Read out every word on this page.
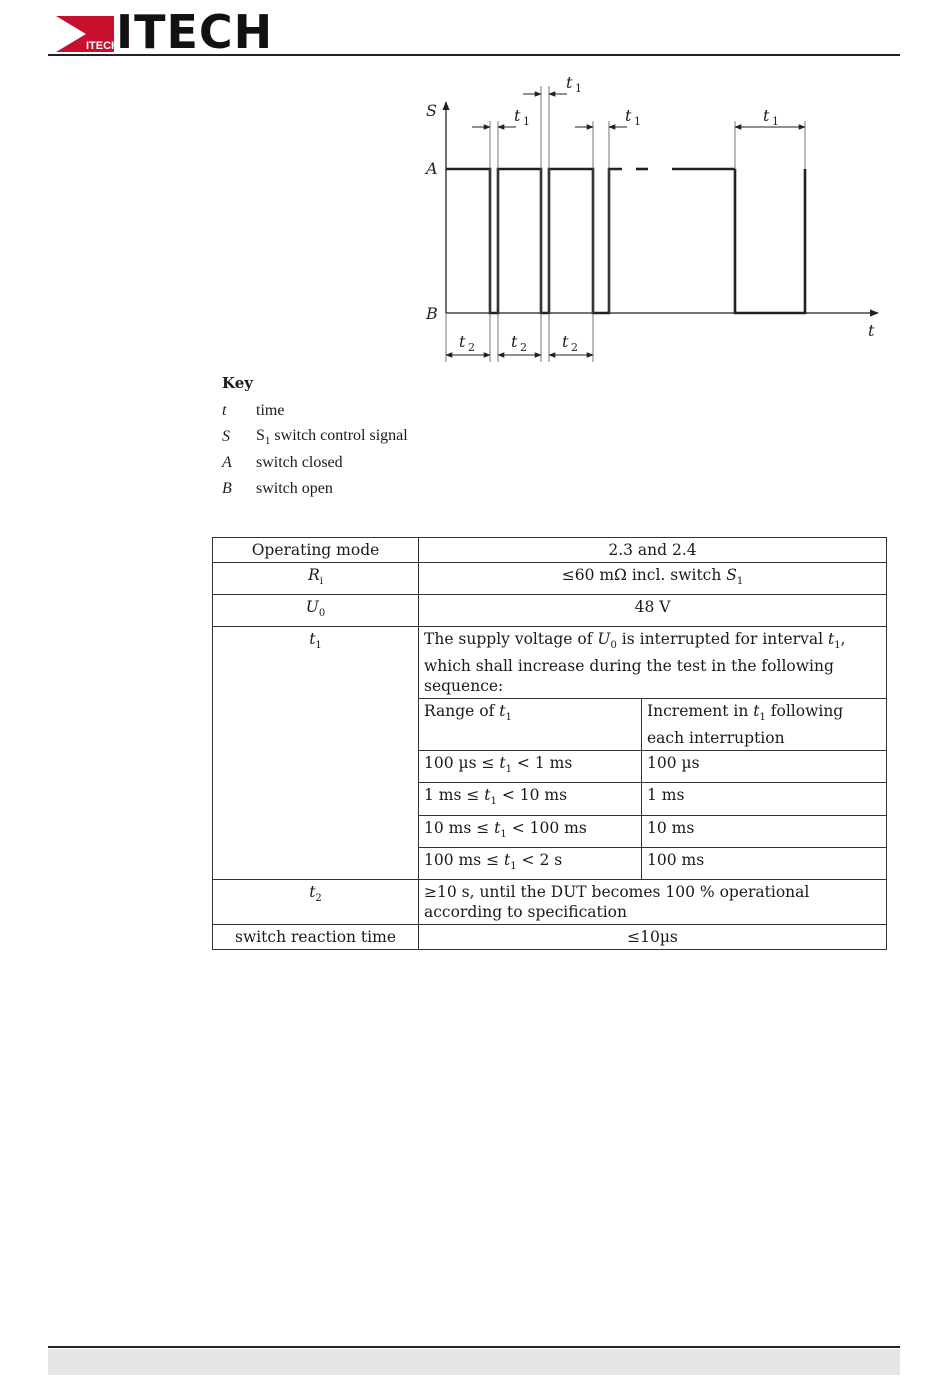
ITECH
ITECH
S
t
A
B
t 1
t 1
t 1	t 1
t 2 t 2 t 2
Key
t	time
S	$S_1$ switch control signal
A	switch closed
B	switch open
Operating mode	2.3 and 2.4
$R_i$	≤60 mΩ incl. switch $S_1$
$U_0$	48 V
$t_1$	The supply voltage of $U_0$ is interrupted for interval $t_1$, which shall increase during the test in the following sequence:
Range of $t_1$	Increment in $t_1$ following each interruption
100 $\mu s \le t_1 < 1$ ms	100 µs
1 ms ≤ $t_1 < 10$ ms	1 ms
10 ms ≤ $t_1 < 100$ ms	10 ms
100 ms ≤ $t_1 < 2$ s	100 ms

$t_2$	≥10 s, until the DUT becomes 100 % operational according to specification
switch reaction time	≤10µs
